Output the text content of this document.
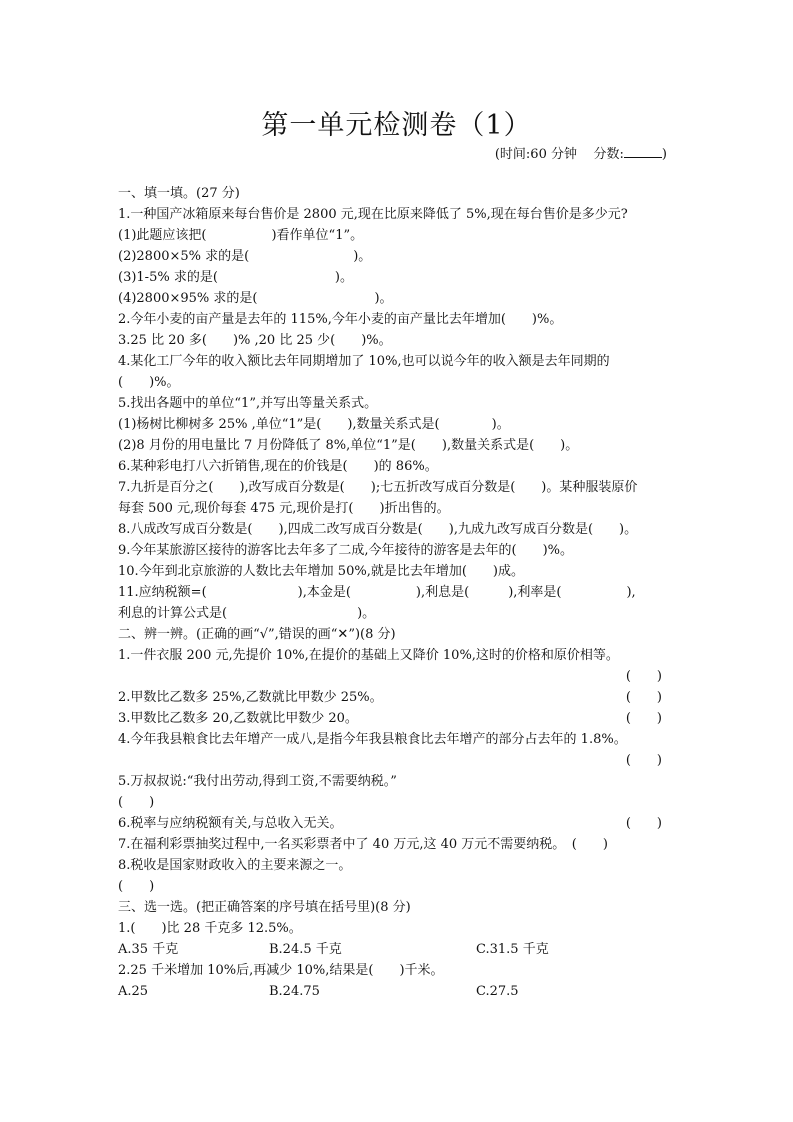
第一单元检测卷（1）
(时间:60 分钟 分数:	)
一、填一填。(27 分)
1.一种国产冰箱原来每台售价是 2800 元,现在比原来降低了 5%,现在每台售价是多少元?
(1)此题应该把(　　　　　)看作单位“1”。
(2)2800×5% 求的是(　　　　　　　　)。
(3)1-5% 求的是(　　　　　　　　　)。
(4)2800×95% 求的是(　　　　　　　　　)。
2.今年小麦的亩产量是去年的 115%,今年小麦的亩产量比去年增加(　　)%。
3.25 比 20 多(　　)% ,20 比 25 少(　　)%。
4.某化工厂今年的收入额比去年同期增加了 10%,也可以说今年的收入额是去年同期的
(　　)%。
5.找出各题中的单位“1”,并写出等量关系式。
(1)杨树比柳树多 25% ,单位“1”是(　　),数量关系式是(　　　　)。
(2)8 月份的用电量比 7 月份降低了 8%,单位“1”是(　　),数量关系式是(　　)。
6.某种彩电打八六折销售,现在的价钱是(　　)的 86%。
7.九折是百分之(　　),改写成百分数是(　　);七五折改写成百分数是(　　)。某种服装原价
每套 500 元,现价每套 475 元,现价是打(　　)折出售的。
8.八成改写成百分数是(　　),四成二改写成百分数是(　　),九成九改写成百分数是(　　)。
9.今年某旅游区接待的游客比去年多了二成,今年接待的游客是去年的(　　)%。
10.今年到北京旅游的人数比去年增加 50%,就是比去年增加(　　)成。
11.应纳税额=(　　　　　　　),本金是(　　　　　),利息是(　　　),利率是(　　　　　),
利息的计算公式是(　　　　　　　　　　)。
二、辨一辨。(正确的画“√”,错误的画“✕”)(8 分)
1.一件衣服 200 元,先提价 10%,在提价的基础上又降价 10%,这时的价格和原价相等。
(　　)
2.甲数比乙数多 25%,乙数就比甲数少 25%。	(　　)
3.甲数比乙数多 20,乙数就比甲数少 20。	(　　)
4.今年我县粮食比去年增产一成八,是指今年我县粮食比去年增产的部分占去年的 1.8%。
(　　)
5.万叔叔说:“我付出劳动,得到工资,不需要纳税。”
(　　)
6.税率与应纳税额有关,与总收入无关。	(　　)
7.在福利彩票抽奖过程中,一名买彩票者中了 40 万元,这 40 万元不需要纳税。　(　　)
8.税收是国家财政收入的主要来源之一。
(　　)
三、选一选。(把正确答案的序号填在括号里)(8 分)
1.(　　)比 28 千克多 12.5%。
A.35 千克	B.24.5 千克	C.31.5 千克
2.25 千米增加 10%后,再减少 10%,结果是(　　)千米。
A.25	B.24.75	C.27.5
